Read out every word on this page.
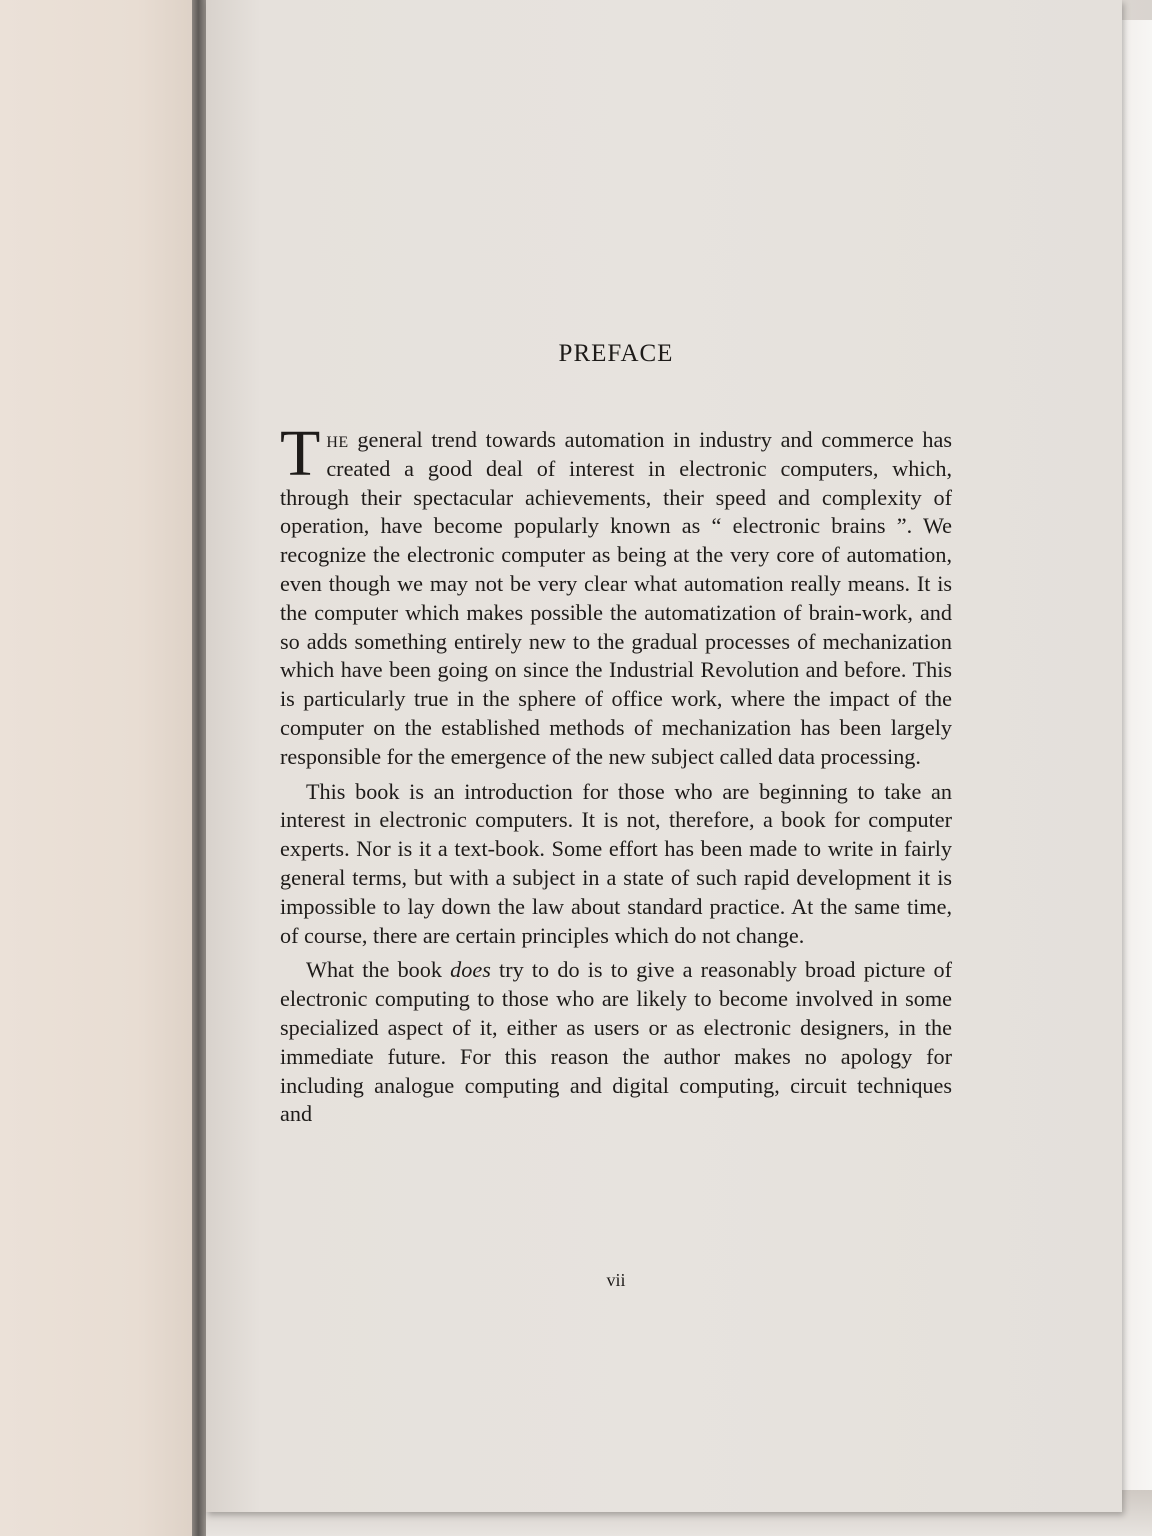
PREFACE

The general trend towards automation in industry and commerce has created a good deal of interest in electronic computers, which, through their spectacular achievements, their speed and complexity of operation, have become popularly known as “ electronic brains ”. We recognize the electronic computer as being at the very core of automation, even though we may not be very clear what automation really means. It is the computer which makes possible the automatization of brain-work, and so adds something entirely new to the gradual processes of mechanization which have been going on since the Industrial Revolution and before. This is particularly true in the sphere of office work, where the impact of the computer on the established methods of mechanization has been largely responsible for the emergence of the new subject called data processing.

This book is an introduction for those who are beginning to take an interest in electronic computers. It is not, therefore, a book for computer experts. Nor is it a text-book. Some effort has been made to write in fairly general terms, but with a subject in a state of such rapid development it is impossible to lay down the law about standard practice. At the same time, of course, there are certain principles which do not change.

What the book does try to do is to give a reasonably broad picture of electronic computing to those who are likely to become involved in some specialized aspect of it, either as users or as electronic designers, in the immediate future. For this reason the author makes no apology for including analogue computing and digital computing, circuit techniques and

vii
